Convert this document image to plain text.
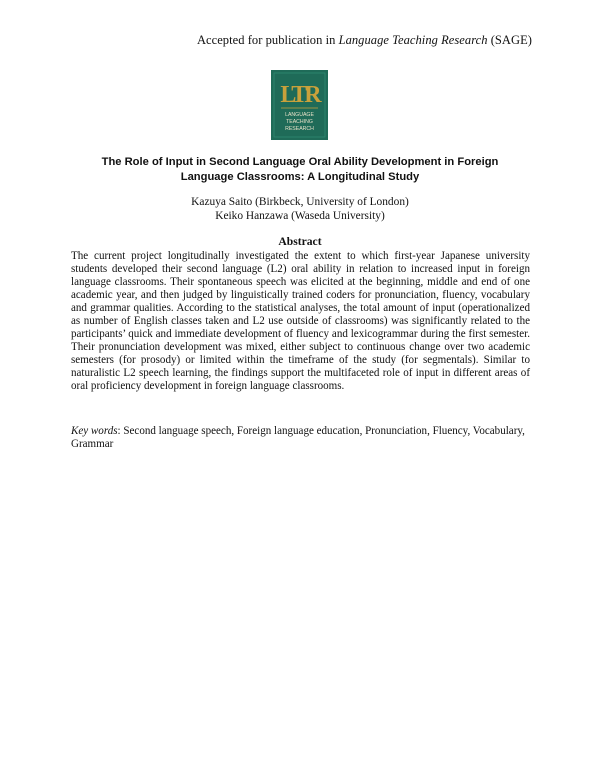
Accepted for publication in Language Teaching Research (SAGE)
LTR
LANGUAGE
TEACHING
RESEARCH
The Role of Input in Second Language Oral Ability Development in Foreign
Language Classrooms: A Longitudinal Study
Kazuya Saito (Birkbeck, University of London)
Keiko Hanzawa (Waseda University)
Abstract
The current project longitudinally investigated the extent to which first-year Japanese university students developed their second language (L2) oral ability in relation to increased input in foreign language classrooms. Their spontaneous speech was elicited at the beginning, middle and end of one academic year, and then judged by linguistically trained coders for pronunciation, fluency, vocabulary and grammar qualities. According to the statistical analyses, the total amount of input (operationalized as number of English classes taken and L2 use outside of classrooms) was significantly related to the participants’ quick and immediate development of fluency and lexicogrammar during the first semester. Their pronunciation development was mixed, either subject to continuous change over two academic semesters (for prosody) or limited within the timeframe of the study (for segmentals). Similar to naturalistic L2 speech learning, the findings support the multifaceted role of input in different areas of oral proficiency development in foreign language classrooms.
Key words: Second language speech, Foreign language education, Pronunciation, Fluency, Vocabulary, Grammar
